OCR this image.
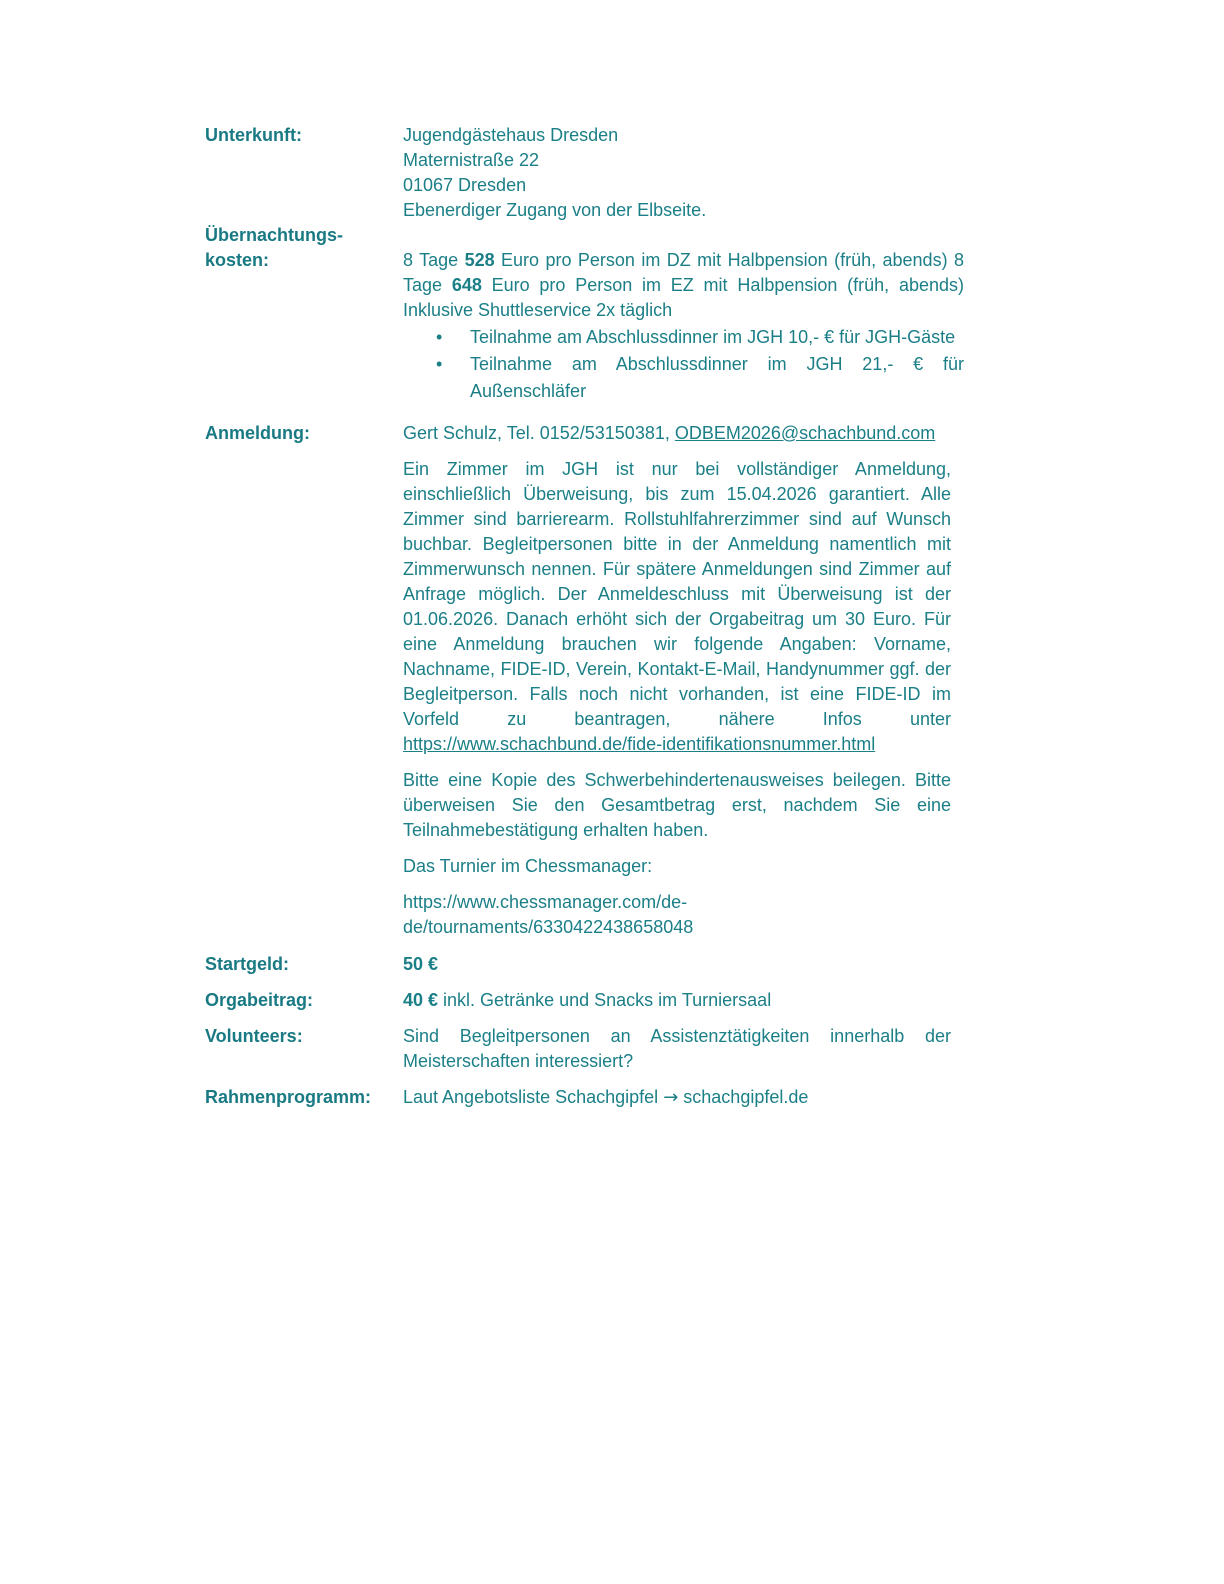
Unterkunft:	Jugendgästehaus Dresden
Maternistraße 22
01067 Dresden
Ebenerdiger Zugang von der Elbseite.
Übernachtungs-
kosten:	8 Tage 528 Euro pro Person im DZ mit Halbpension (früh, abends) 8 Tage 648 Euro pro Person im EZ mit Halbpension (früh, abends) Inklusive Shuttleservice 2x täglich
• Teilnahme am Abschlussdinner im JGH 10,- € für JGH-Gäste
• Teilnahme am Abschlussdinner im JGH 21,- € für Außenschläfer
Anmeldung:	Gert Schulz, Tel. 0152/53150381, ODBEM2026@schachbund.com
Ein Zimmer im JGH ist nur bei vollständiger Anmeldung, einschließlich Überweisung, bis zum 15.04.2026 garantiert. Alle Zimmer sind barrierearm. Rollstuhlfahrerzimmer sind auf Wunsch buchbar. Begleitpersonen bitte in der Anmeldung namentlich mit Zimmerwunsch nennen. Für spätere Anmeldungen sind Zimmer auf Anfrage möglich. Der Anmeldeschluss mit Überweisung ist der 01.06.2026. Danach erhöht sich der Orgabeitrag um 30 Euro. Für eine Anmeldung brauchen wir folgende Angaben: Vorname, Nachname, FIDE-ID, Verein, Kontakt-E-Mail, Handynummer ggf. der Begleitperson. Falls noch nicht vorhanden, ist eine FIDE-ID im Vorfeld zu beantragen, nähere Infos unter https://www.schachbund.de/fide-identifikationsnummer.html
Bitte eine Kopie des Schwerbehindertenausweises beilegen. Bitte überweisen Sie den Gesamtbetrag erst, nachdem Sie eine Teilnahmebestätigung erhalten haben.
Das Turnier im Chessmanager:
https://www.chessmanager.com/de-
de/tournaments/6330422438658048
Startgeld:	50 €
Orgabeitrag:	40 € inkl. Getränke und Snacks im Turniersaal
Volunteers:	Sind Begleitpersonen an Assistenztätigkeiten innerhalb der Meisterschaften interessiert?
Rahmenprogramm: Laut Angebotsliste Schachgipfel → schachgipfel.de
